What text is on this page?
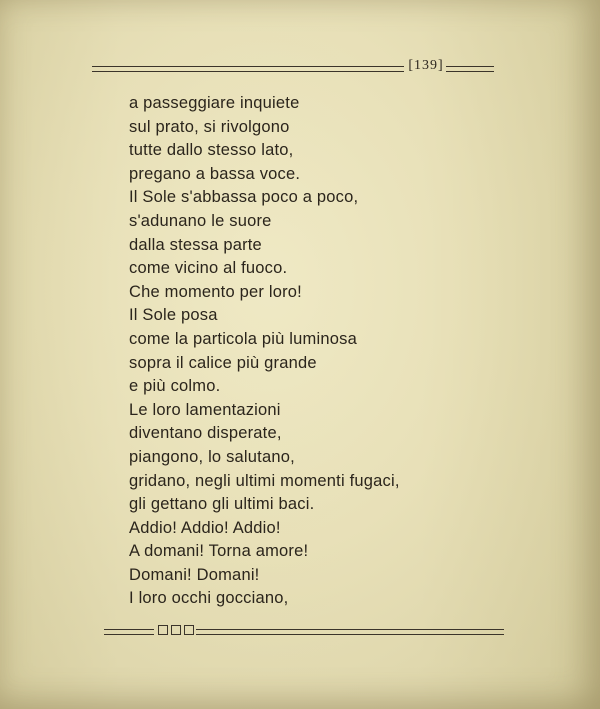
[139]
a passeggiare inquiete
sul prato, si rivolgono
tutte dallo stesso lato,
pregano a bassa voce.
Il Sole s'abbassa poco a poco,
s'adunano le suore
dalla stessa parte
come vicino al fuoco.
Che momento per loro!
Il Sole posa
come la particola più luminosa
sopra il calice più grande
e più colmo.
Le loro lamentazioni
diventano disperate,
piangono, lo salutano,
gridano, negli ultimi momenti fugaci,
gli gettano gli ultimi baci.
Addio! Addio! Addio!
A domani! Torna amore!
Domani! Domani!
I loro occhi gocciano,
